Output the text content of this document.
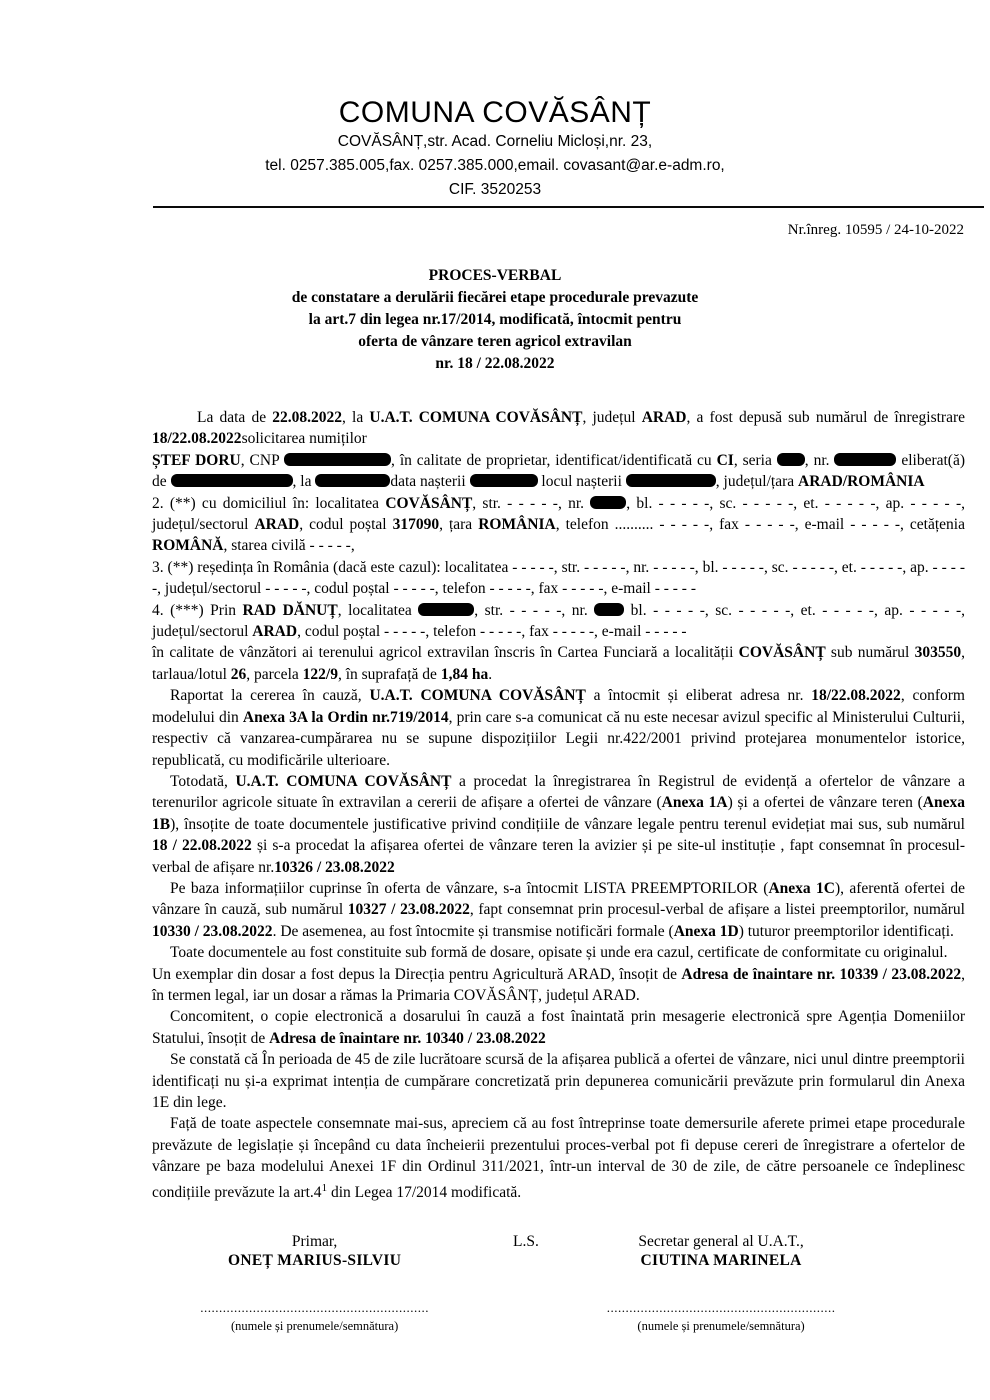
COMUNA COVĂSÂNȚ
COVĂSÂNȚ,str. Acad. Corneliu Micloși,nr. 23,
tel. 0257.385.005,fax. 0257.385.000,email. covasant@ar.e-adm.ro,
CIF. 3520253
Nr.înreg. 10595 / 24-10-2022
PROCES-VERBAL
de constatare a derulării fiecărei etape procedurale prevazute
la art.7 din legea nr.17/2014, modificată, întocmit pentru
oferta de vânzare teren agricol extravilan
nr. 18 / 22.08.2022

La data de 22.08.2022, la U.A.T. COMUNA COVĂSÂNȚ, județul ARAD, a fost depusă sub numărul de înregistrare 18/22.08.2022solicitarea numiților

ȘTEF DORU, CNP	, în calitate de proprietar, identificat/identificată cu CI, seria , nr.	eliberat(ă) de	, la	data nașterii	locul nașterii	, județul/țara ARAD/ROMÂNIA

2. (**) cu domiciliul în: localitatea COVĂSÂNȚ, str. - - - - -, nr. , bl. - - - - -, sc. - - - - -, et. - - - - -, ap. - - - - -, județul/sectorul ARAD, codul poștal 317090, țara ROMÂNIA, telefon .......... - - - - -, fax - - - - -, e-mail - - - - -, cetățenia ROMÂNĂ, starea civilă - - - - -,

3. (**) reședința în România (dacă este cazul): localitatea - - - - -, str. - - - - -, nr. - - - - -, bl. - - - - -, sc. - - - - -, et. - - - - -, ap. - - - - -, județul/sectorul - - - - -, codul poștal - - - - -, telefon - - - - -, fax - - - - -, e-mail - - - - -

4. (***) Prin RAD DĂNUȚ, localitatea	, str. - - - - -, nr.  bl. - - - - -, sc. - - - - -, et. - - - - -, ap. - - - - -, județul/sectorul ARAD, codul poștal - - - - -, telefon - - - - -, fax - - - - -, e-mail - - - - -

în calitate de vânzători ai terenului agricol extravilan înscris în Cartea Funciară a localității COVĂSÂNȚ sub numărul 303550, tarlaua/lotul 26, parcela 122/9, în suprafață de 1,84 ha.

Raportat la cererea în cauză, U.A.T. COMUNA COVĂSÂNȚ a întocmit și eliberat adresa nr. 18/22.08.2022, conform modelului din Anexa 3A la Ordin nr.719/2014, prin care s-a comunicat că nu este necesar avizul specific al Ministerului Culturii, respectiv că vanzarea-cumpărarea nu se supune dispozițiilor Legii nr.422/2001 privind protejarea monumentelor istorice, republicată, cu modificările ulterioare.

Totodată, U.A.T. COMUNA COVĂSÂNȚ a procedat la înregistrarea în Registrul de evidență a ofertelor de vânzare a terenurilor agricole situate în extravilan a cererii de afișare a ofertei de vânzare (Anexa 1A) și a ofertei de vânzare teren (Anexa 1B), însoțite de toate documentele justificative privind condițiile de vânzare legale pentru terenul evidețiat mai sus, sub numărul 18 / 22.08.2022 și s-a procedat la afișarea ofertei de vânzare teren la avizier și pe site-ul instituție , fapt consemnat în procesul-verbal de afișare nr.10326 / 23.08.2022

Pe baza informațiilor cuprinse în oferta de vânzare, s-a întocmit LISTA PREEMPTORILOR (Anexa 1C), aferentă ofertei de vânzare în cauză, sub numărul 10327 / 23.08.2022, fapt consemnat prin procesul-verbal de afișare a listei preemptorilor, numărul 10330 / 23.08.2022. De asemenea, au fost întocmite și transmise notificări formale (Anexa 1D) tuturor preemptorilor identificați.

Toate documentele au fost constituite sub formă de dosare, opisate și unde era cazul, certificate de conformitate cu originalul.

Un exemplar din dosar a fost depus la Direcția pentru Agricultură ARAD, însoțit de Adresa de înaintare nr. 10339 / 23.08.2022, în termen legal, iar un dosar a rămas la Primaria COVĂSÂNȚ, județul ARAD.

Concomitent, o copie electronică a dosarului în cauză a fost înaintată prin mesagerie electronică spre Agenția Domeniilor Statului, însoțit de Adresa de înaintare nr. 10340 / 23.08.2022

Se constată că În perioada de 45 de zile lucrătoare scursă de la afișarea publică a ofertei de vânzare, nici unul dintre preemptorii identificați nu și-a exprimat intenția de cumpărare concretizată prin depunerea comunicării prevăzute prin formularul din Anexa 1E din lege.

Față de toate aspectele consemnate mai-sus, apreciem că au fost întreprinse toate demersurile aferete primei etape procedurale prevăzute de legislație și începând cu data încheierii prezentului proces-verbal pot fi depuse cereri de înregistrare a ofertelor de vânzare pe baza modelului Anexei 1F din Ordinul 311/2021, într-un interval de 30 de zile, de către persoanele ce îndeplinesc condițiile prevăzute la $art.4^1$ din Legea 17/2014 modificată.

Primar,
ONEȚ MARIUS-SILVIU
.............................................................
(numele și prenumele/semnătura)
L.S.	Secretar general al U.A.T.,
CIUTINA MARINELA
.............................................................
(numele și prenumele/semnătura)
